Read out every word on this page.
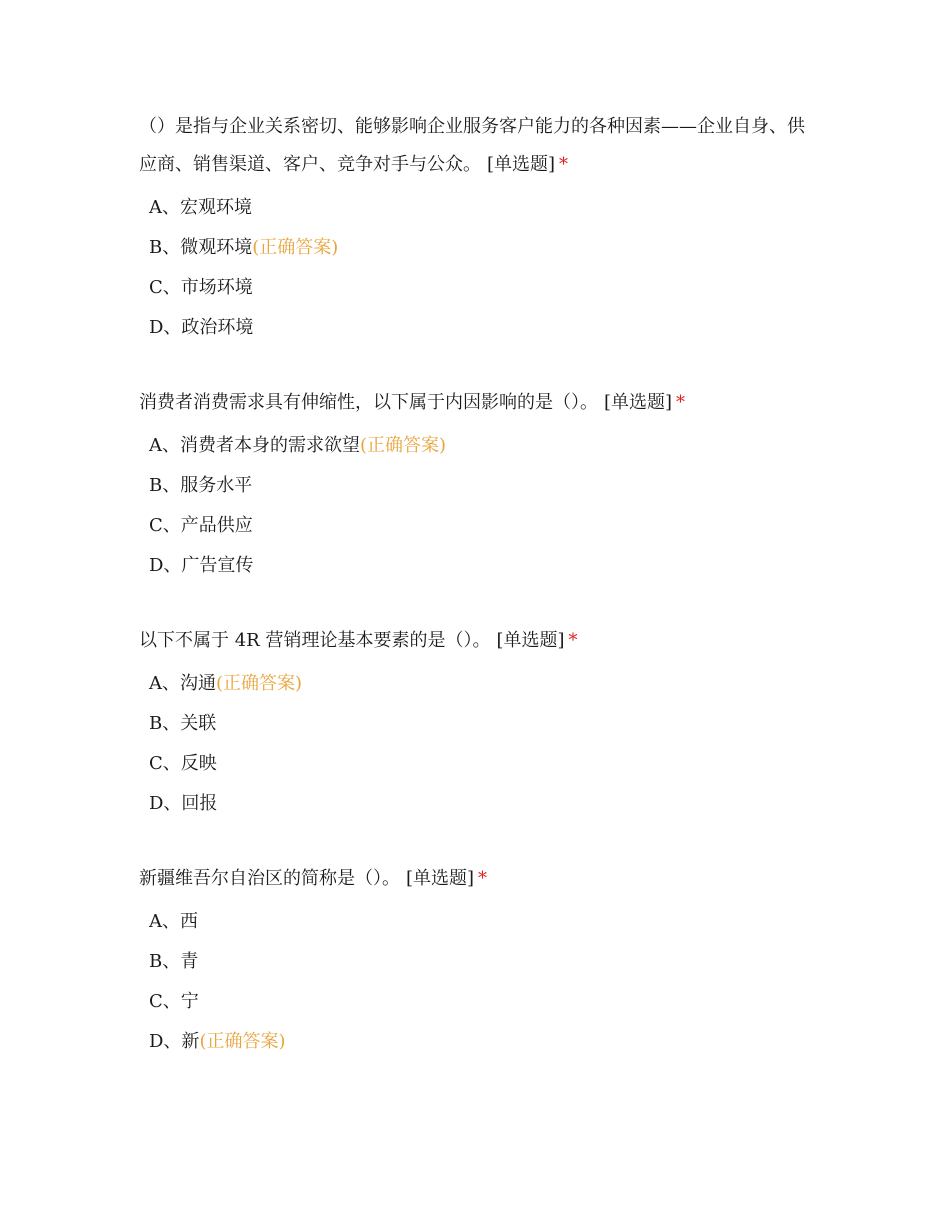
（）是指与企业关系密切、能够影响企业服务客户能力的各种因素——企业自身、供应商、销售渠道、客户、竞争对手与公众。 [单选题] *
A、宏观环境
B、微观环境(正确答案)
C、市场环境
D、政治环境
消费者消费需求具有伸缩性，以下属于内因影响的是（）。 [单选题] *
A、消费者本身的需求欲望(正确答案)
B、服务水平
C、产品供应
D、广告宣传
以下不属于 4R 营销理论基本要素的是（）。 [单选题] *
A、沟通(正确答案)
B、关联
C、反映
D、回报
新疆维吾尔自治区的简称是（）。 [单选题] *
A、西
B、青
C、宁
D、新(正确答案)
